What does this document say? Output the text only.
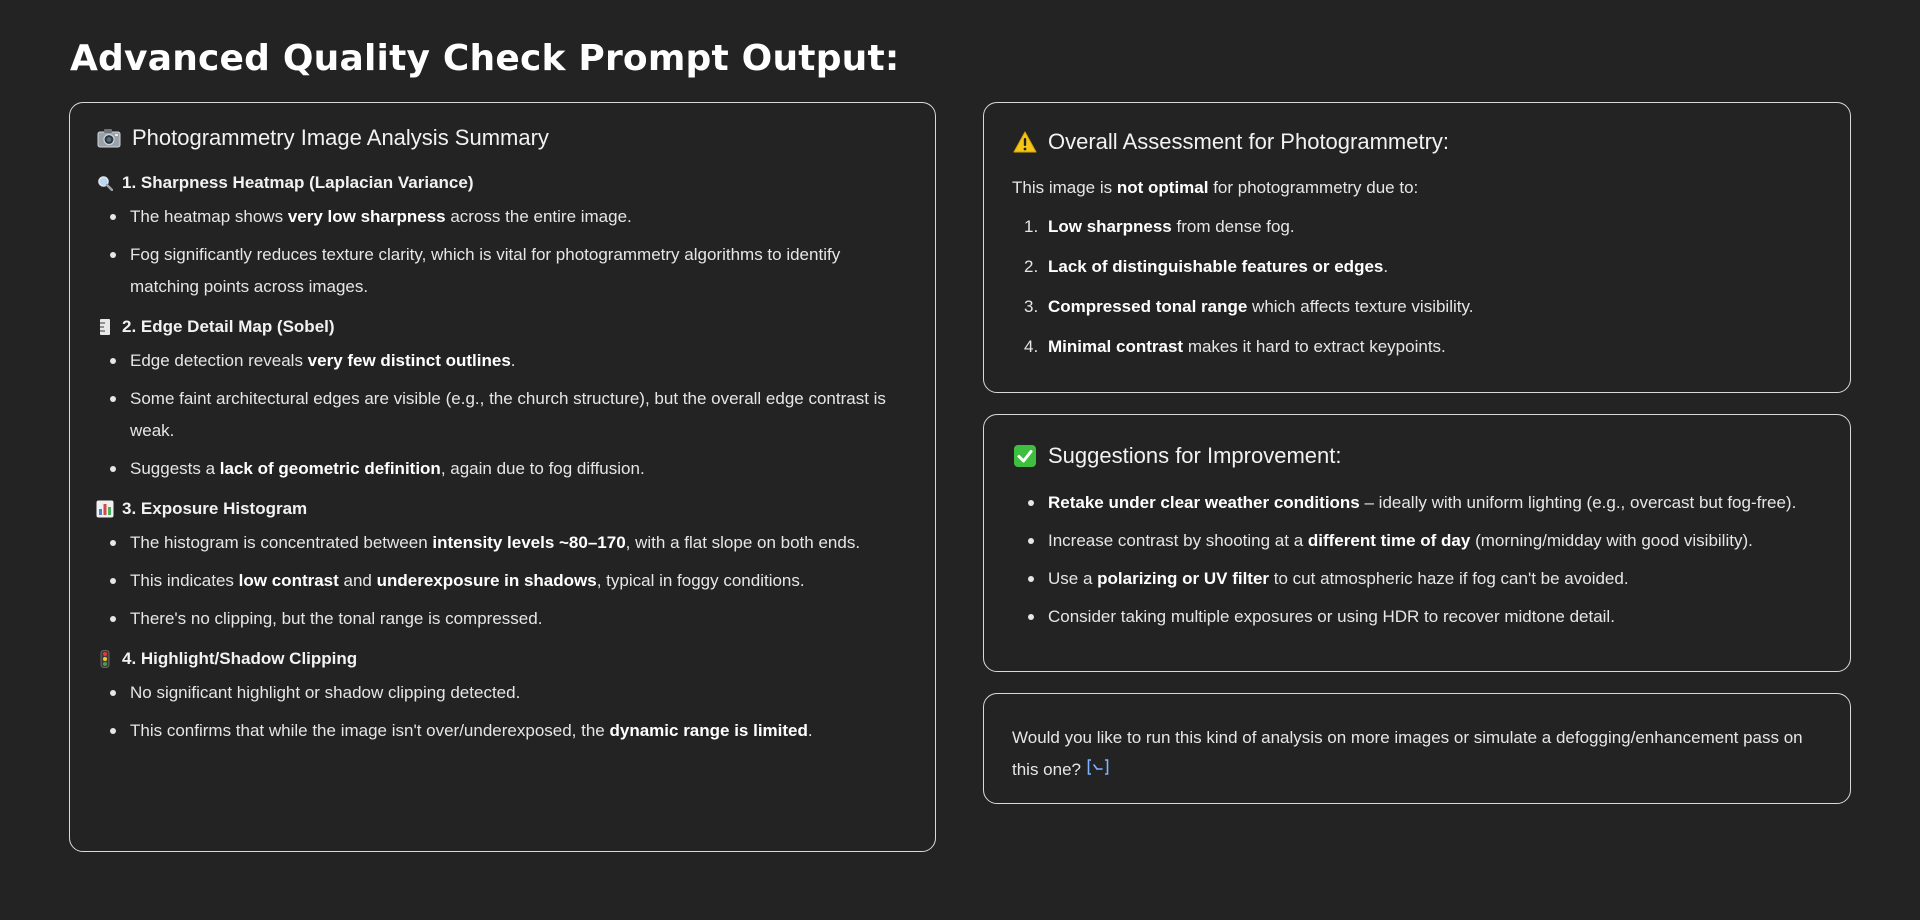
Advanced Quality Check Prompt Output:
Photogrammetry Image Analysis Summary
1. Sharpness Heatmap (Laplacian Variance)
The heatmap shows very low sharpness across the entire image.
Fog significantly reduces texture clarity, which is vital for photogrammetry algorithms to identify matching points across images.
2. Edge Detail Map (Sobel)
Edge detection reveals very few distinct outlines.
Some faint architectural edges are visible (e.g., the church structure), but the overall edge contrast is weak.
Suggests a lack of geometric definition, again due to fog diffusion.
3. Exposure Histogram
The histogram is concentrated between intensity levels ~80–170, with a flat slope on both ends.
This indicates low contrast and underexposure in shadows, typical in foggy conditions.
There's no clipping, but the tonal range is compressed.
4. Highlight/Shadow Clipping
No significant highlight or shadow clipping detected.
This confirms that while the image isn't over/underexposed, the dynamic range is limited.
Overall Assessment for Photogrammetry:

This image is not optimal for photogrammetry due to:

1. Low sharpness from dense fog.
2. Lack of distinguishable features or edges.
3. Compressed tonal range which affects texture visibility.
4. Minimal contrast makes it hard to extract keypoints.
Suggestions for Improvement:
Retake under clear weather conditions – ideally with uniform lighting (e.g., overcast but fog-free).
Increase contrast by shooting at a different time of day (morning/midday with good visibility).
Use a polarizing or UV filter to cut atmospheric haze if fog can't be avoided.
Consider taking multiple exposures or using HDR to recover midtone detail.

Would you like to run this kind of analysis on more images or simulate a defogging/enhancement pass on this one?
